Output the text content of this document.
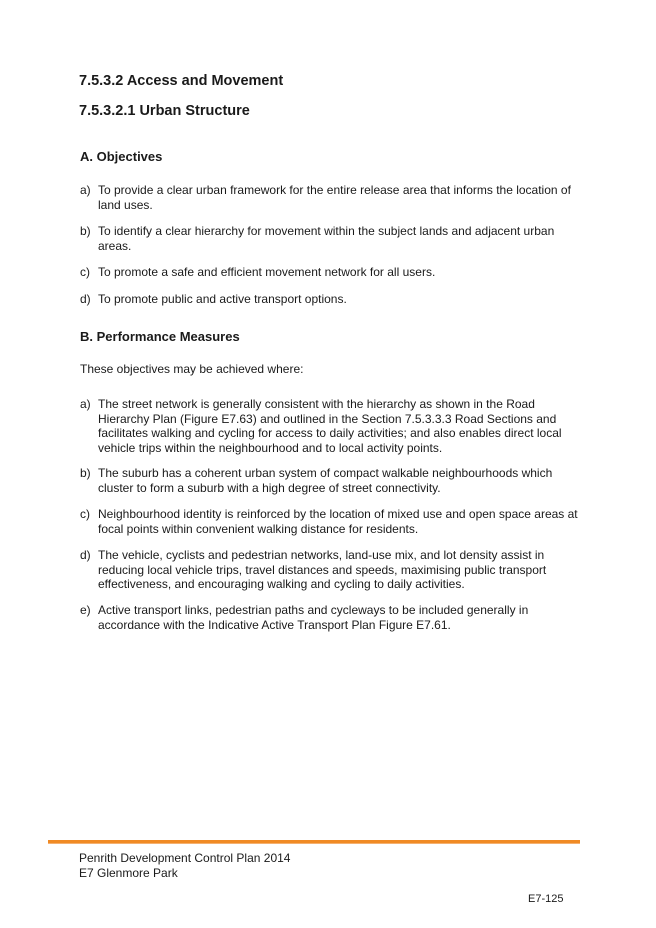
7.5.3.2 Access and Movement
7.5.3.2.1 Urban Structure
A. Objectives
a) To provide a clear urban framework for the entire release area that informs the location of land uses.
b) To identify a clear hierarchy for movement within the subject lands and adjacent urban areas.
c) To promote a safe and efficient movement network for all users.
d) To promote public and active transport options.
B. Performance Measures

These objectives may be achieved where:

a) The street network is generally consistent with the hierarchy as shown in the Road Hierarchy Plan (Figure E7.63) and outlined in the Section 7.5.3.3.3 Road Sections and facilitates walking and cycling for access to daily activities; and also enables direct local vehicle trips within the neighbourhood and to local activity points.
b) The suburb has a coherent urban system of compact walkable neighbourhoods which cluster to form a suburb with a high degree of street connectivity.
c) Neighbourhood identity is reinforced by the location of mixed use and open space areas at focal points within convenient walking distance for residents.
d) The vehicle, cyclists and pedestrian networks, land-use mix, and lot density assist in reducing local vehicle trips, travel distances and speeds, maximising public transport effectiveness, and encouraging walking and cycling to daily activities.
e) Active transport links, pedestrian paths and cycleways to be included generally in accordance with the Indicative Active Transport Plan Figure E7.61.

Penrith Development Control Plan 2014

E7 Glenmore Park

E7-125
